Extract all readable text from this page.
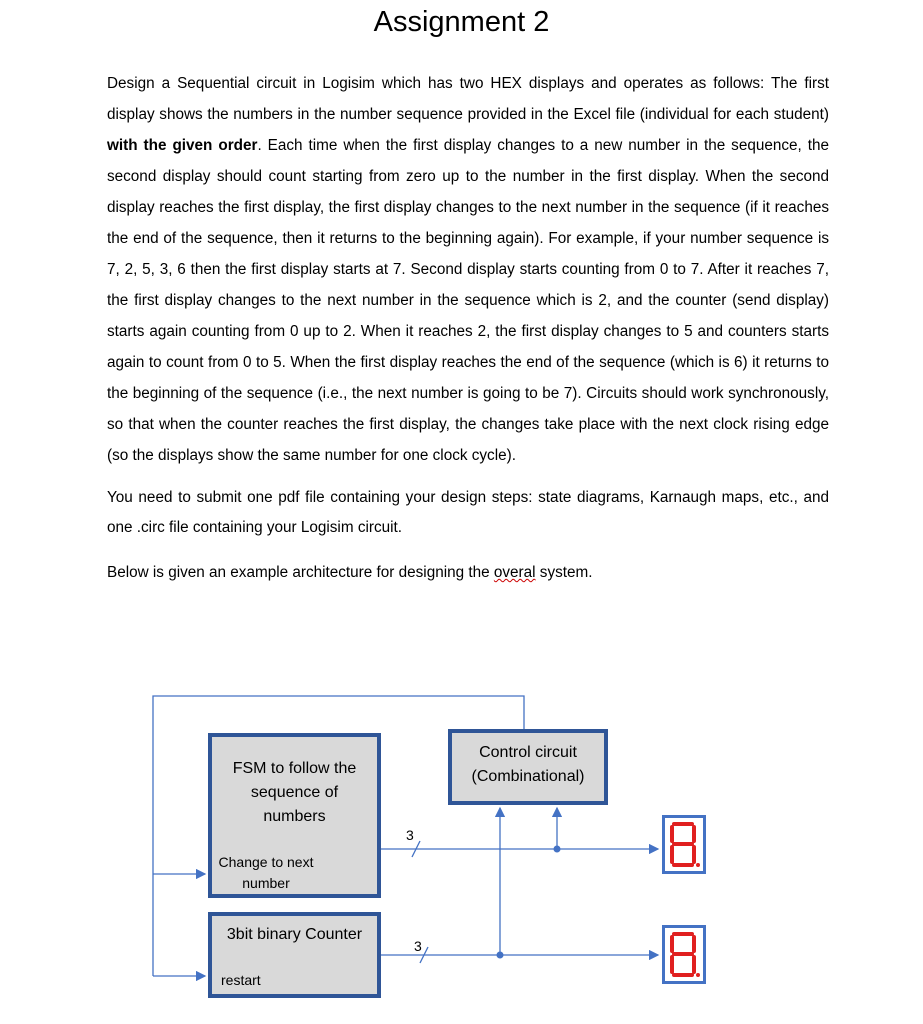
Assignment 2

Design a Sequential circuit in Logisim which has two HEX displays and operates as follows: The first display shows the numbers in the number sequence provided in the Excel file (individual for each student) with the given order. Each time when the first display changes to a new number in the sequence, the second display should count starting from zero up to the number in the first display. When the second display reaches the first display, the first display changes to the next number in the sequence (if it reaches the end of the sequence, then it returns to the beginning again). For example, if your number sequence is 7, 2, 5, 3, 6 then the first display starts at 7. Second display starts counting from 0 to 7. After it reaches 7, the first display changes to the next number in the sequence which is 2, and the counter (send display) starts again counting from 0 up to 2. When it reaches 2, the first display changes to 5 and counters starts again to count from 0 to 5. When the first display reaches the end of the sequence (which is 6) it returns to the beginning of the sequence (i.e., the next number is going to be 7). Circuits should work synchronously, so that when the counter reaches the first display, the changes take place with the next clock rising edge (so the displays show the same number for one clock cycle).

You need to submit one pdf file containing your design steps: state diagrams, Karnaugh maps, etc., and one .circ file containing your Logisim circuit.

Below is given an example architecture for designing the overal system.

FSM to follow the sequence of numbers
Change to next number
3bit binary Counter
restart
Control circuit
(Combinational)
3
3
